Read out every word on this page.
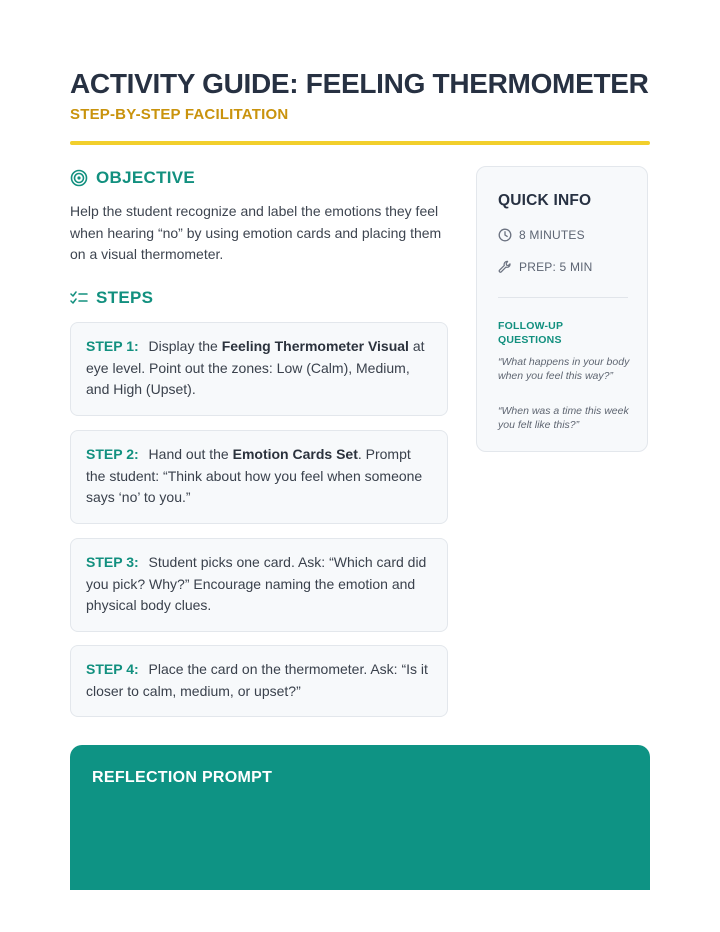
ACTIVITY GUIDE: FEELING THERMOMETER
STEP-BY-STEP FACILITATION
OBJECTIVE
Help the student recognize and label the emotions they feel when hearing “no” by using emotion cards and placing them on a visual thermometer.
STEPS
STEP 1: Display the Feeling Thermometer Visual at eye level. Point out the zones: Low (Calm), Medium, and High (Upset).
STEP 2: Hand out the Emotion Cards Set. Prompt the student: “Think about how you feel when someone says ‘no’ to you.”
STEP 3: Student picks one card. Ask: “Which card did you pick? Why?” Encourage naming the emotion and physical body clues.
STEP 4: Place the card on the thermometer. Ask: “Is it closer to calm, medium, or upset?”
QUICK INFO
8 MINUTES
PREP: 5 MIN
FOLLOW-UP QUESTIONS
“What happens in your body when you feel this way?”
“When was a time this week you felt like this?”
REFLECTION PROMPT
